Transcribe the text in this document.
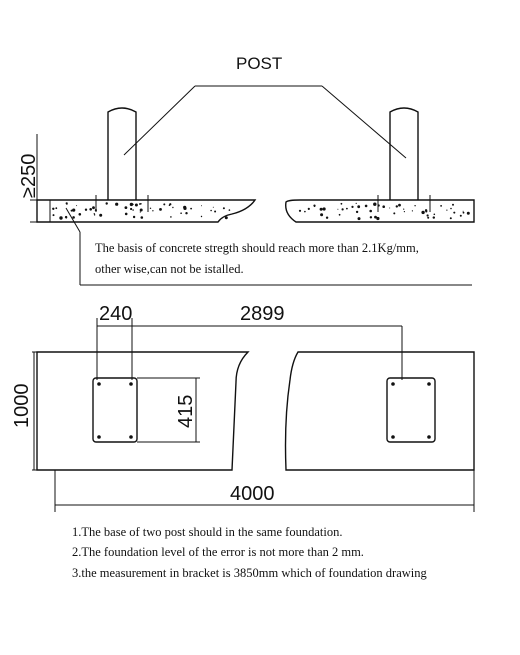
POST
≥250
The basis of concrete stregth should reach more than 2.1Kg/mm,
other wise,can not be istalled.
240	2899
415
1000
4000
1.The base of two post should in the same foundation.
2.The foundation level of the error is not more than 2 mm.
3.the measurement in bracket is 3850mm which of foundation drawing
